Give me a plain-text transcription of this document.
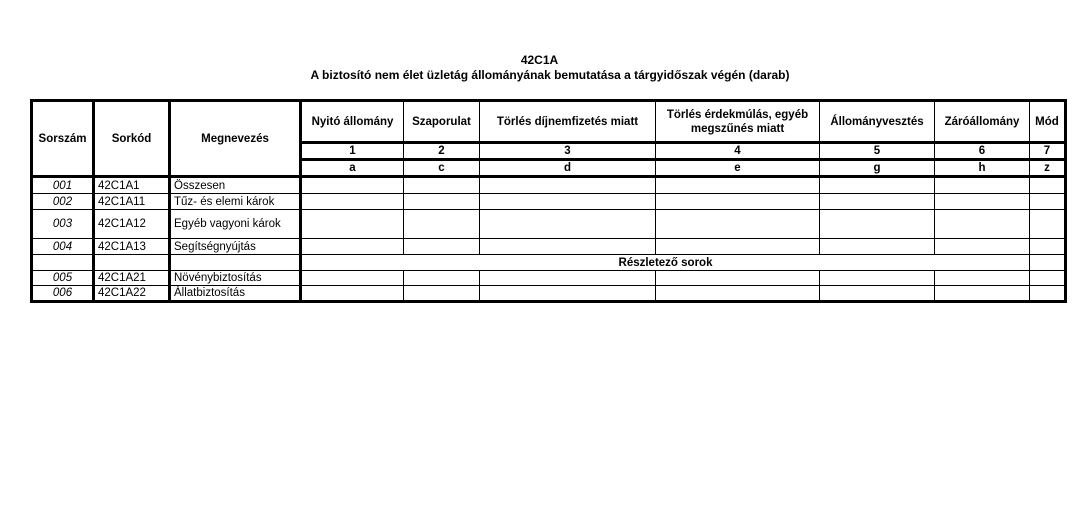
42C1A
A biztosító nem élet üzletág állományának bemutatása a tárgyidőszak végén (darab)
Sorszám	Sorkód	Megnevezés	Nyitó állomány	Szaporulat	Törlés díjnemfizetés miatt	Törlés érdekmúlás, egyéb megszűnés miatt	Állományvesztés	Záróállomány	Mód
			1	2	3	4	5	6	7
			a	c	d	e	g	h	z
001	42C1A1	Összesen							
002	42C1A11	Tűz- és elemi károk							
003	42C1A12	Egyéb vagyoni károk							
004	42C1A13	Segítségnyújtás							
			Részletező sorok						
005	42C1A21	Növénybiztosítás							
006	42C1A22	Állatbiztosítás							
